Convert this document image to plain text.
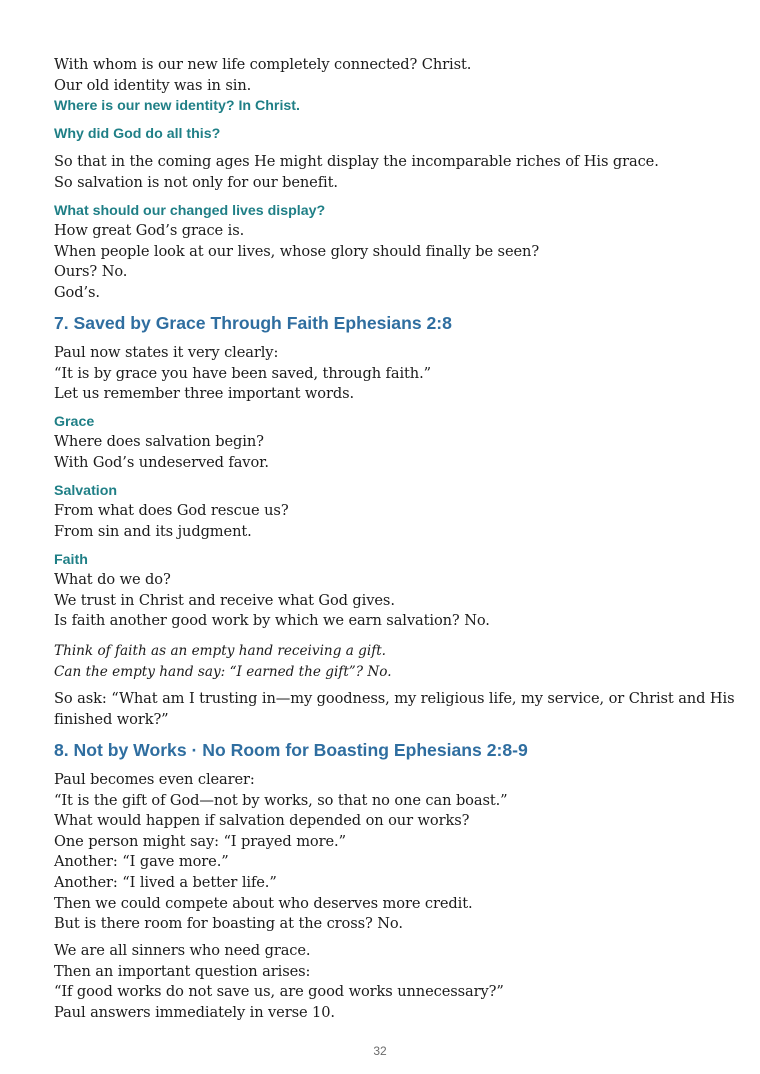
With whom is our new life completely connected? Christ.
Our old identity was in sin.
Where is our new identity? In Christ.
Why did God do all this?
So that in the coming ages He might display the incomparable riches of His grace.
So salvation is not only for our benefit.
What should our changed lives display?
How great God’s grace is.
When people look at our lives, whose glory should finally be seen?
Ours? No.
God’s.
7. Saved by Grace Through Faith Ephesians 2:8
Paul now states it very clearly:
“It is by grace you have been saved, through faith.”
Let us remember three important words.
Grace
Where does salvation begin?
With God’s undeserved favor.
Salvation
From what does God rescue us?
From sin and its judgment.
Faith
What do we do?
We trust in Christ and receive what God gives.
Is faith another good work by which we earn salvation? No.
Think of faith as an empty hand receiving a gift.
Can the empty hand say: “I earned the gift”? No.
So ask: “What am I trusting in—my goodness, my religious life, my service, or Christ and His
finished work?”
8. Not by Works · No Room for Boasting Ephesians 2:8-9
Paul becomes even clearer:
“It is the gift of God—not by works, so that no one can boast.”
What would happen if salvation depended on our works?
One person might say: “I prayed more.”
Another: “I gave more.”
Another: “I lived a better life.”
Then we could compete about who deserves more credit.
But is there room for boasting at the cross? No.
We are all sinners who need grace.
Then an important question arises:
“If good works do not save us, are good works unnecessary?”
Paul answers immediately in verse 10.
32
